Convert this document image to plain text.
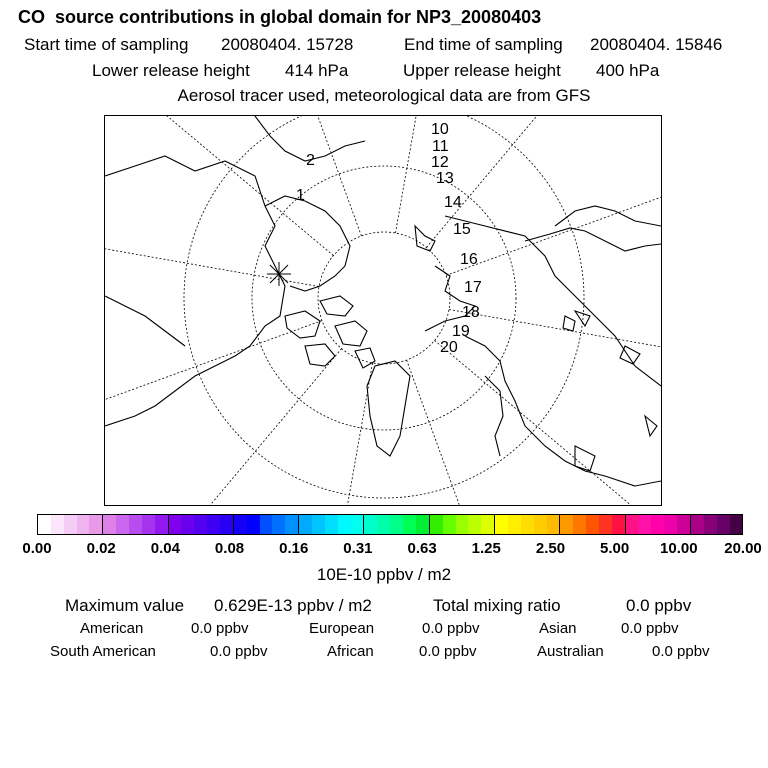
CO  source contributions in global domain for NP3_20080403
Start time of sampling 20080404. 15728	End time of sampling 20080404. 15846
Lower release height 414 hPa	Upper release height 400 hPa
Aerosol tracer used, meteorological data are from GFS
1
2
10
11
12
13
14
15
16
17
18
19
20
0.00 0.02 0.04 0.08 0.16 0.31 0.63 1.25 2.50 5.00 10.00 20.00
10E-10 ppbv / m2
Maximum value 0.629E-13 ppbv / m2	Total mixing ratio	0.0 ppbv
American	0.0 ppbv	European	0.0 ppbv	Asian	0.0 ppbv
South American	0.0 ppbv	African	0.0 ppbv	Australian	0.0 ppbv
